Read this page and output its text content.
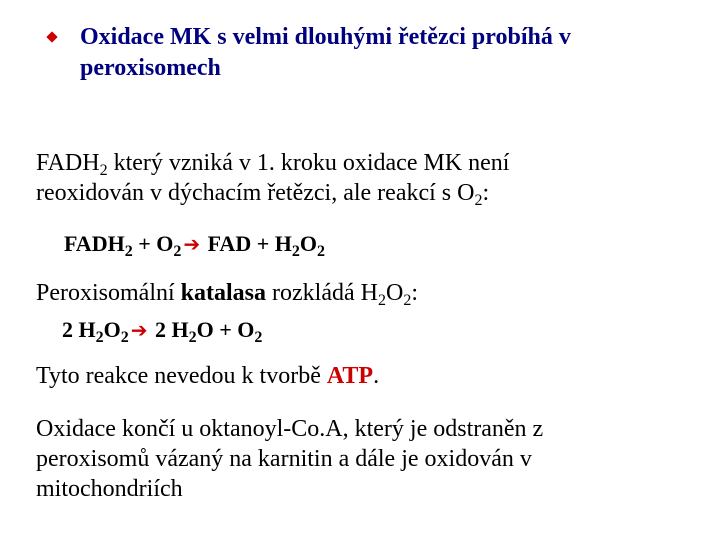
Oxidace MK s velmi dlouhými řetězci probíhá v
peroxisomech
$FADH_2$ který vzniká v 1. kroku oxidace MK není
reoxidován v dýchacím řetězci, ale reakcí s $O_2$:
$FADH_2 + O_2$ ➔ FAD + $H_2O_2$
Peroxisomální katalasa rozkládá $H_2O_2$:
2 $H_2O_2$ ➔ 2 $H_2O + O_2$
Tyto reakce nevedou k tvorbě ATP.
Oxidace končí u oktanoyl-Co.A, který je odstraněn z
peroxisomů vázaný na karnitin a dále je oxidován v
mitochondriích
